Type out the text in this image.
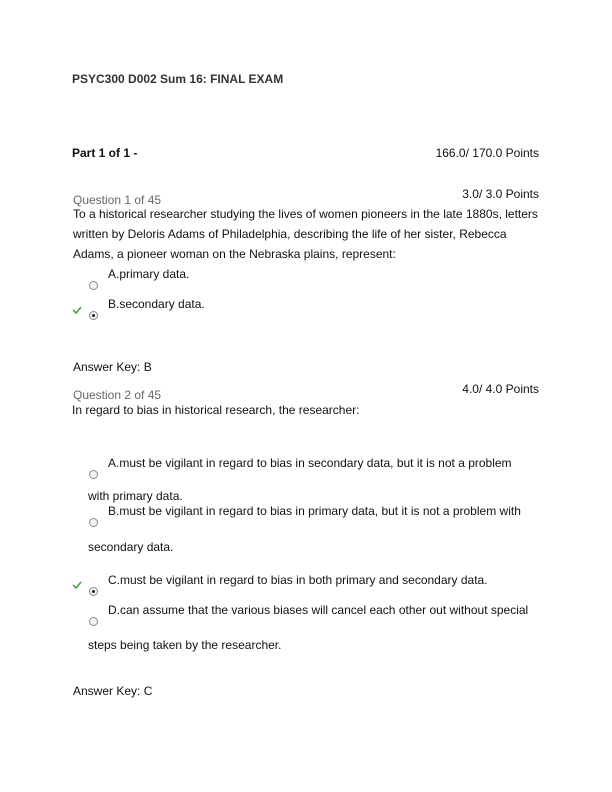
PSYC300 D002 Sum 16: FINAL EXAM
Part 1 of 1 -	166.0/ 170.0 Points
Question 1 of 45	3.0/ 3.0 Points
To a historical researcher studying the lives of women pioneers in the late 1880s, letters written by Deloris Adams of Philadelphia, describing the life of her sister, Rebecca Adams, a pioneer woman on the Nebraska plains, represent:
A.primary data.
B.secondary data.
Answer Key: B
Question 2 of 45	4.0/ 4.0 Points
In regard to bias in historical research, the researcher:
A.must be vigilant in regard to bias in secondary data, but it is not a problem
with primary data.
B.must be vigilant in regard to bias in primary data, but it is not a problem with
secondary data.
C.must be vigilant in regard to bias in both primary and secondary data.
D.can assume that the various biases will cancel each other out without special
steps being taken by the researcher.
Answer Key: C
